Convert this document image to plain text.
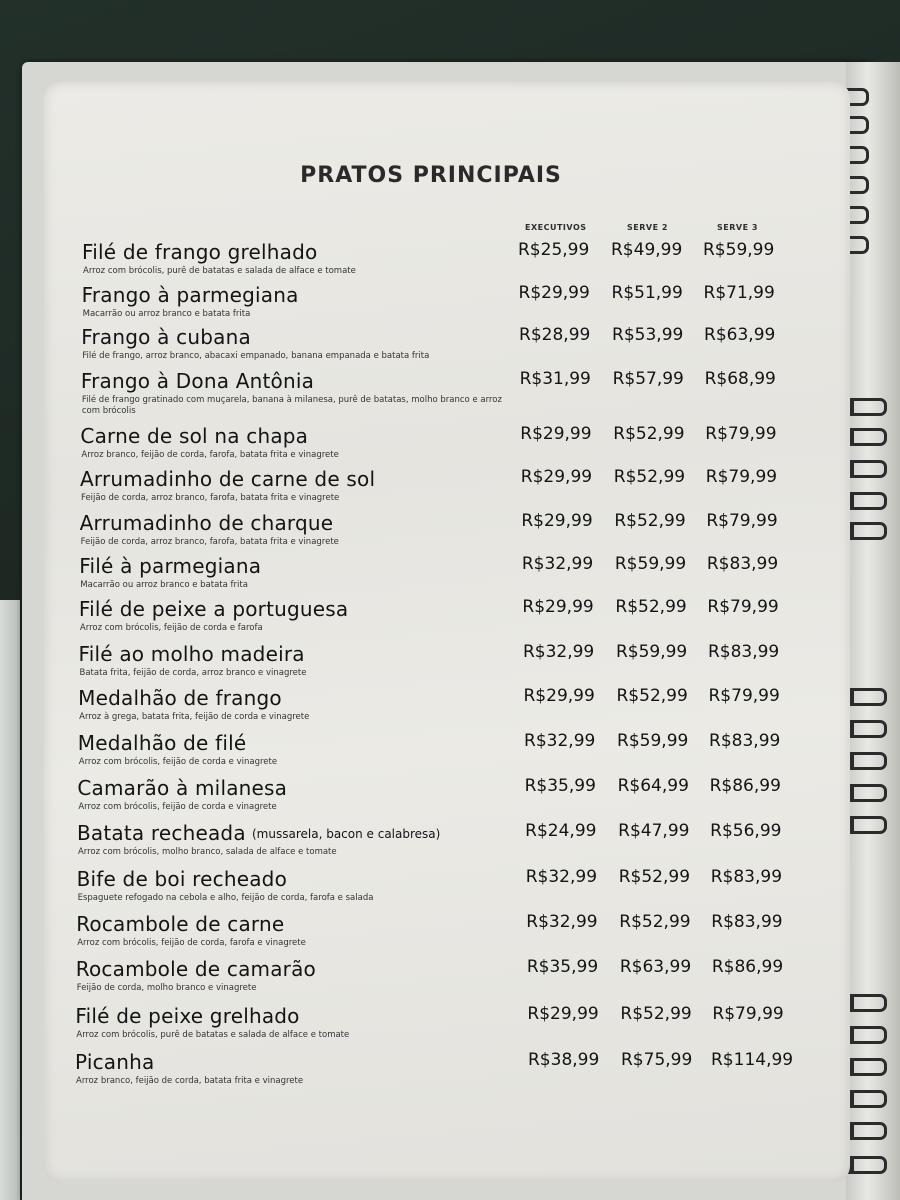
PRATOS PRINCIPAIS
EXECUTIVOS	SERVE 2	SERVE 3
Filé de frango grelhado
Arroz com brócolis, purê de batatas e salada de alface e tomate
R$25,99 R$49,99 R$59,99
Frango à parmegiana
Macarrão ou arroz branco e batata frita
R$29,99 R$51,99 R$71,99
Frango à cubana
Filé de frango, arroz branco, abacaxi empanado, banana empanada e batata frita
R$28,99 R$53,99 R$63,99
Frango à Dona Antônia
Filé de frango gratinado com muçarela, banana à milanesa, purê de batatas, molho branco e arroz com brócolis
R$31,99 R$57,99 R$68,99
Carne de sol na chapa
Arroz branco, feijão de corda, farofa, batata frita e vinagrete
R$29,99 R$52,99 R$79,99
Arrumadinho de carne de sol
Feijão de corda, arroz branco, farofa, batata frita e vinagrete
R$29,99 R$52,99 R$79,99
Arrumadinho de charque
Feijão de corda, arroz branco, farofa, batata frita e vinagrete
R$29,99 R$52,99 R$79,99
Filé à parmegiana
Macarrão ou arroz branco e batata frita
R$32,99 R$59,99 R$83,99
Filé de peixe a portuguesa
Arroz com brócolis, feijão de corda e farofa
R$29,99 R$52,99 R$79,99
Filé ao molho madeira
Batata frita, feijão de corda, arroz branco e vinagrete
R$32,99 R$59,99 R$83,99
Medalhão de frango
Arroz à grega, batata frita, feijão de corda e vinagrete
R$29,99 R$52,99 R$79,99
Medalhão de filé
Arroz com brócolis, feijão de corda e vinagrete
R$32,99 R$59,99 R$83,99
Camarão à milanesa
Arroz com brócolis, feijão de corda e vinagrete
R$35,99 R$64,99 R$86,99
Batata recheada (mussarela, bacon e calabresa)
Arroz com brócolis, molho branco, salada de alface e tomate
R$24,99 R$47,99 R$56,99
Bife de boi recheado
Espaguete refogado na cebola e alho, feijão de corda, farofa e salada
R$32,99 R$52,99 R$83,99
Rocambole de carne
Arroz com brócolis, feijão de corda, farofa e vinagrete
R$32,99 R$52,99 R$83,99
Rocambole de camarão
Feijão de corda, molho branco e vinagrete
R$35,99 R$63,99 R$86,99
Filé de peixe grelhado
Arroz com brócolis, purê de batatas e salada de alface e tomate
R$29,99 R$52,99 R$79,99
Picanha
Arroz branco, feijão de corda, batata frita e vinagrete
R$38,99 R$75,99 R$114,99
